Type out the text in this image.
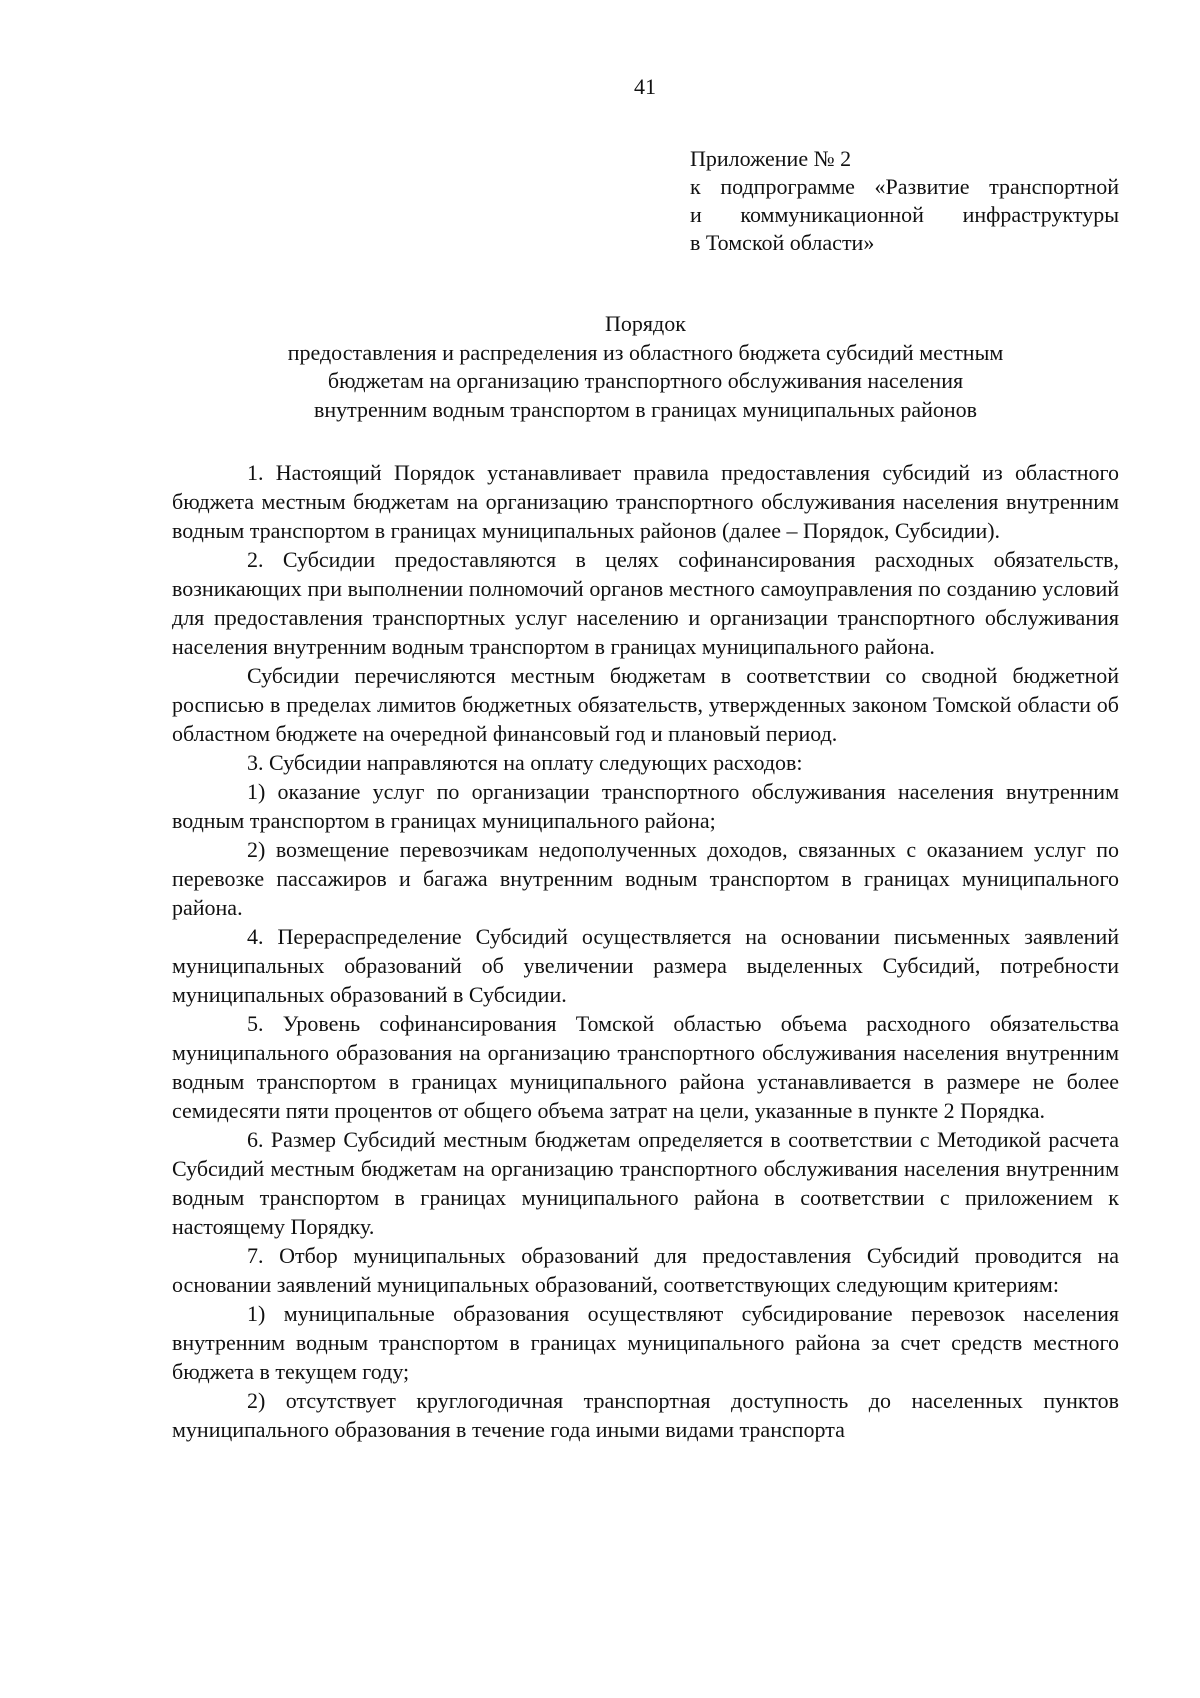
41
Приложение № 2
к подпрограмме «Развитие транспортной
и коммуникационной инфраструктуры
в Томской области»
Порядок
предоставления и распределения из областного бюджета субсидий местным
бюджетам на организацию транспортного обслуживания населения
внутренним водным транспортом в границах муниципальных районов

1. Настоящий Порядок устанавливает правила предоставления субсидий из областного бюджета местным бюджетам на организацию транспортного обслуживания населения внутренним водным транспортом в границах муниципальных районов (далее – Порядок, Субсидии).

2. Субсидии предоставляются в целях софинансирования расходных обязательств, возникающих при выполнении полномочий органов местного самоуправления по созданию условий для предоставления транспортных услуг населению и организации транспортного обслуживания населения внутренним водным транспортом в границах муниципального района.

Субсидии перечисляются местным бюджетам в соответствии со сводной бюджетной росписью в пределах лимитов бюджетных обязательств, утвержденных законом Томской области об областном бюджете на очередной финансовый год и плановый период.

3. Субсидии направляются на оплату следующих расходов:

1) оказание услуг по организации транспортного обслуживания населения внутренним водным транспортом в границах муниципального района;

2) возмещение перевозчикам недополученных доходов, связанных с оказанием услуг по перевозке пассажиров и багажа внутренним водным транспортом в границах муниципального района.

4. Перераспределение Субсидий осуществляется на основании письменных заявлений муниципальных образований об увеличении размера выделенных Субсидий, потребности муниципальных образований в Субсидии.

5. Уровень софинансирования Томской областью объема расходного обязательства муниципального образования на организацию транспортного обслуживания населения внутренним водным транспортом в границах муниципального района устанавливается в размере не более семидесяти пяти процентов от общего объема затрат на цели, указанные в пункте 2 Порядка.

6. Размер Субсидий местным бюджетам определяется в соответствии с Методикой расчета Субсидий местным бюджетам на организацию транспортного обслуживания населения внутренним водным транспортом в границах муниципального района в соответствии с приложением к настоящему Порядку.

7. Отбор муниципальных образований для предоставления Субсидий проводится на основании заявлений муниципальных образований, соответствующих следующим критериям:

1) муниципальные образования осуществляют субсидирование перевозок населения внутренним водным транспортом в границах муниципального района за счет средств местного бюджета в текущем году;

2) отсутствует круглогодичная транспортная доступность до населенных пунктов муниципального образования в течение года иными видами транспорта
